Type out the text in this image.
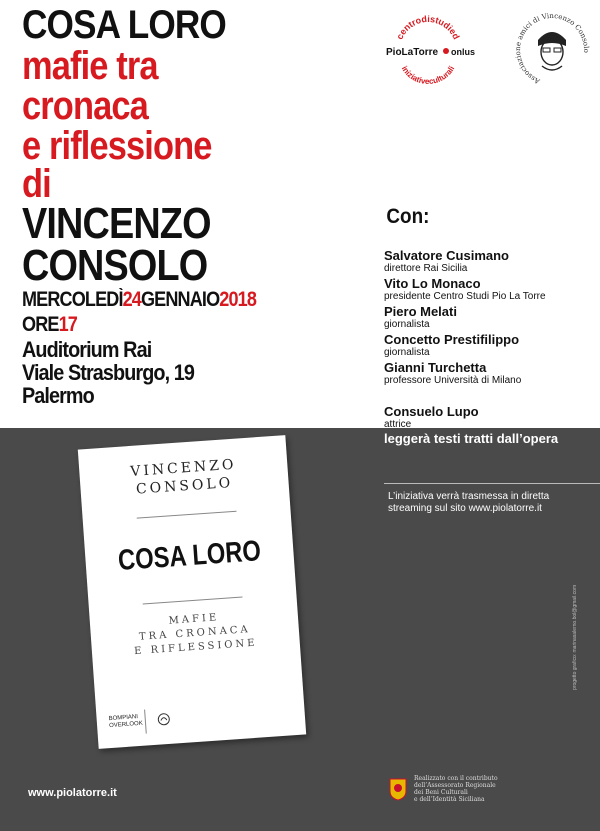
COSA LORO
mafie tra
cronaca
e riflessione
di
VINCENZO
CONSOLO
MERCOLEDÌ24GENNAIO2018
ORE17
Auditorium Rai
Viale Strasburgo, 19
Palermo
centrodistudied
PioLaTorre onlus
iniziativeculturali
Associazione amici di Vincenzo Consolo
Con:
Salvatore Cusimano
direttore Rai Sicilia
Vito Lo Monaco
presidente Centro Studi Pio La Torre
Piero Melati
giornalista
Concetto Prestifilippo
giornalista
Gianni Turchetta
professore Università di Milano
Consuelo Lupo
attrice
leggerà testi tratti dall’opera
L’iniziativa verrà trasmessa in diretta streaming sul sito www.piolatorre.it
VINCENZO
CONSOLO
COSA LORO
MAFIE
TRA CRONACA
E RIFLESSIONE
BOMPIANI
OVERLOOK
www.piolatorre.it
Realizzato con il contributo
dell’Assessorato Regionale
dei Beni Culturali
e dell’Identità Siciliana
progetto grafico: marinasalerno.bol@gmail.com
